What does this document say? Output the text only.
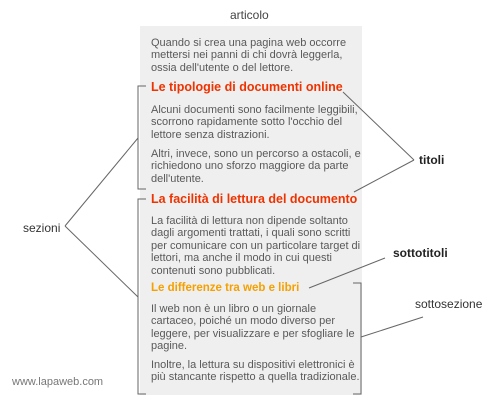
articolo
Quando si crea una pagina web occorre mettersi nei panni di chi dovrà leggerla, ossia dell'utente o del lettore.
Le tipologie di documenti online
Alcuni documenti sono facilmente leggibili, scorrono rapidamente sotto l'occhio del lettore senza distrazioni.
Altri, invece, sono un percorso a ostacoli, e richiedono uno sforzo maggiore da parte dell'utente.
La facilità di lettura del documento
La facilità di lettura non dipende soltanto dagli argomenti trattati, i quali sono scritti per comunicare con un particolare target di lettori, ma anche il modo in cui questi contenuti sono pubblicati.
Le differenze tra web e libri
Il web non è un libro o un giornale cartaceo, poiché un modo diverso per leggere, per visualizzare e per sfogliare le pagine.
Inoltre, la lettura su dispositivi elettronici è più stancante rispetto a quella tradizionale.
sezioni
titoli
sottotitoli
sottosezione
www.lapaweb.com
